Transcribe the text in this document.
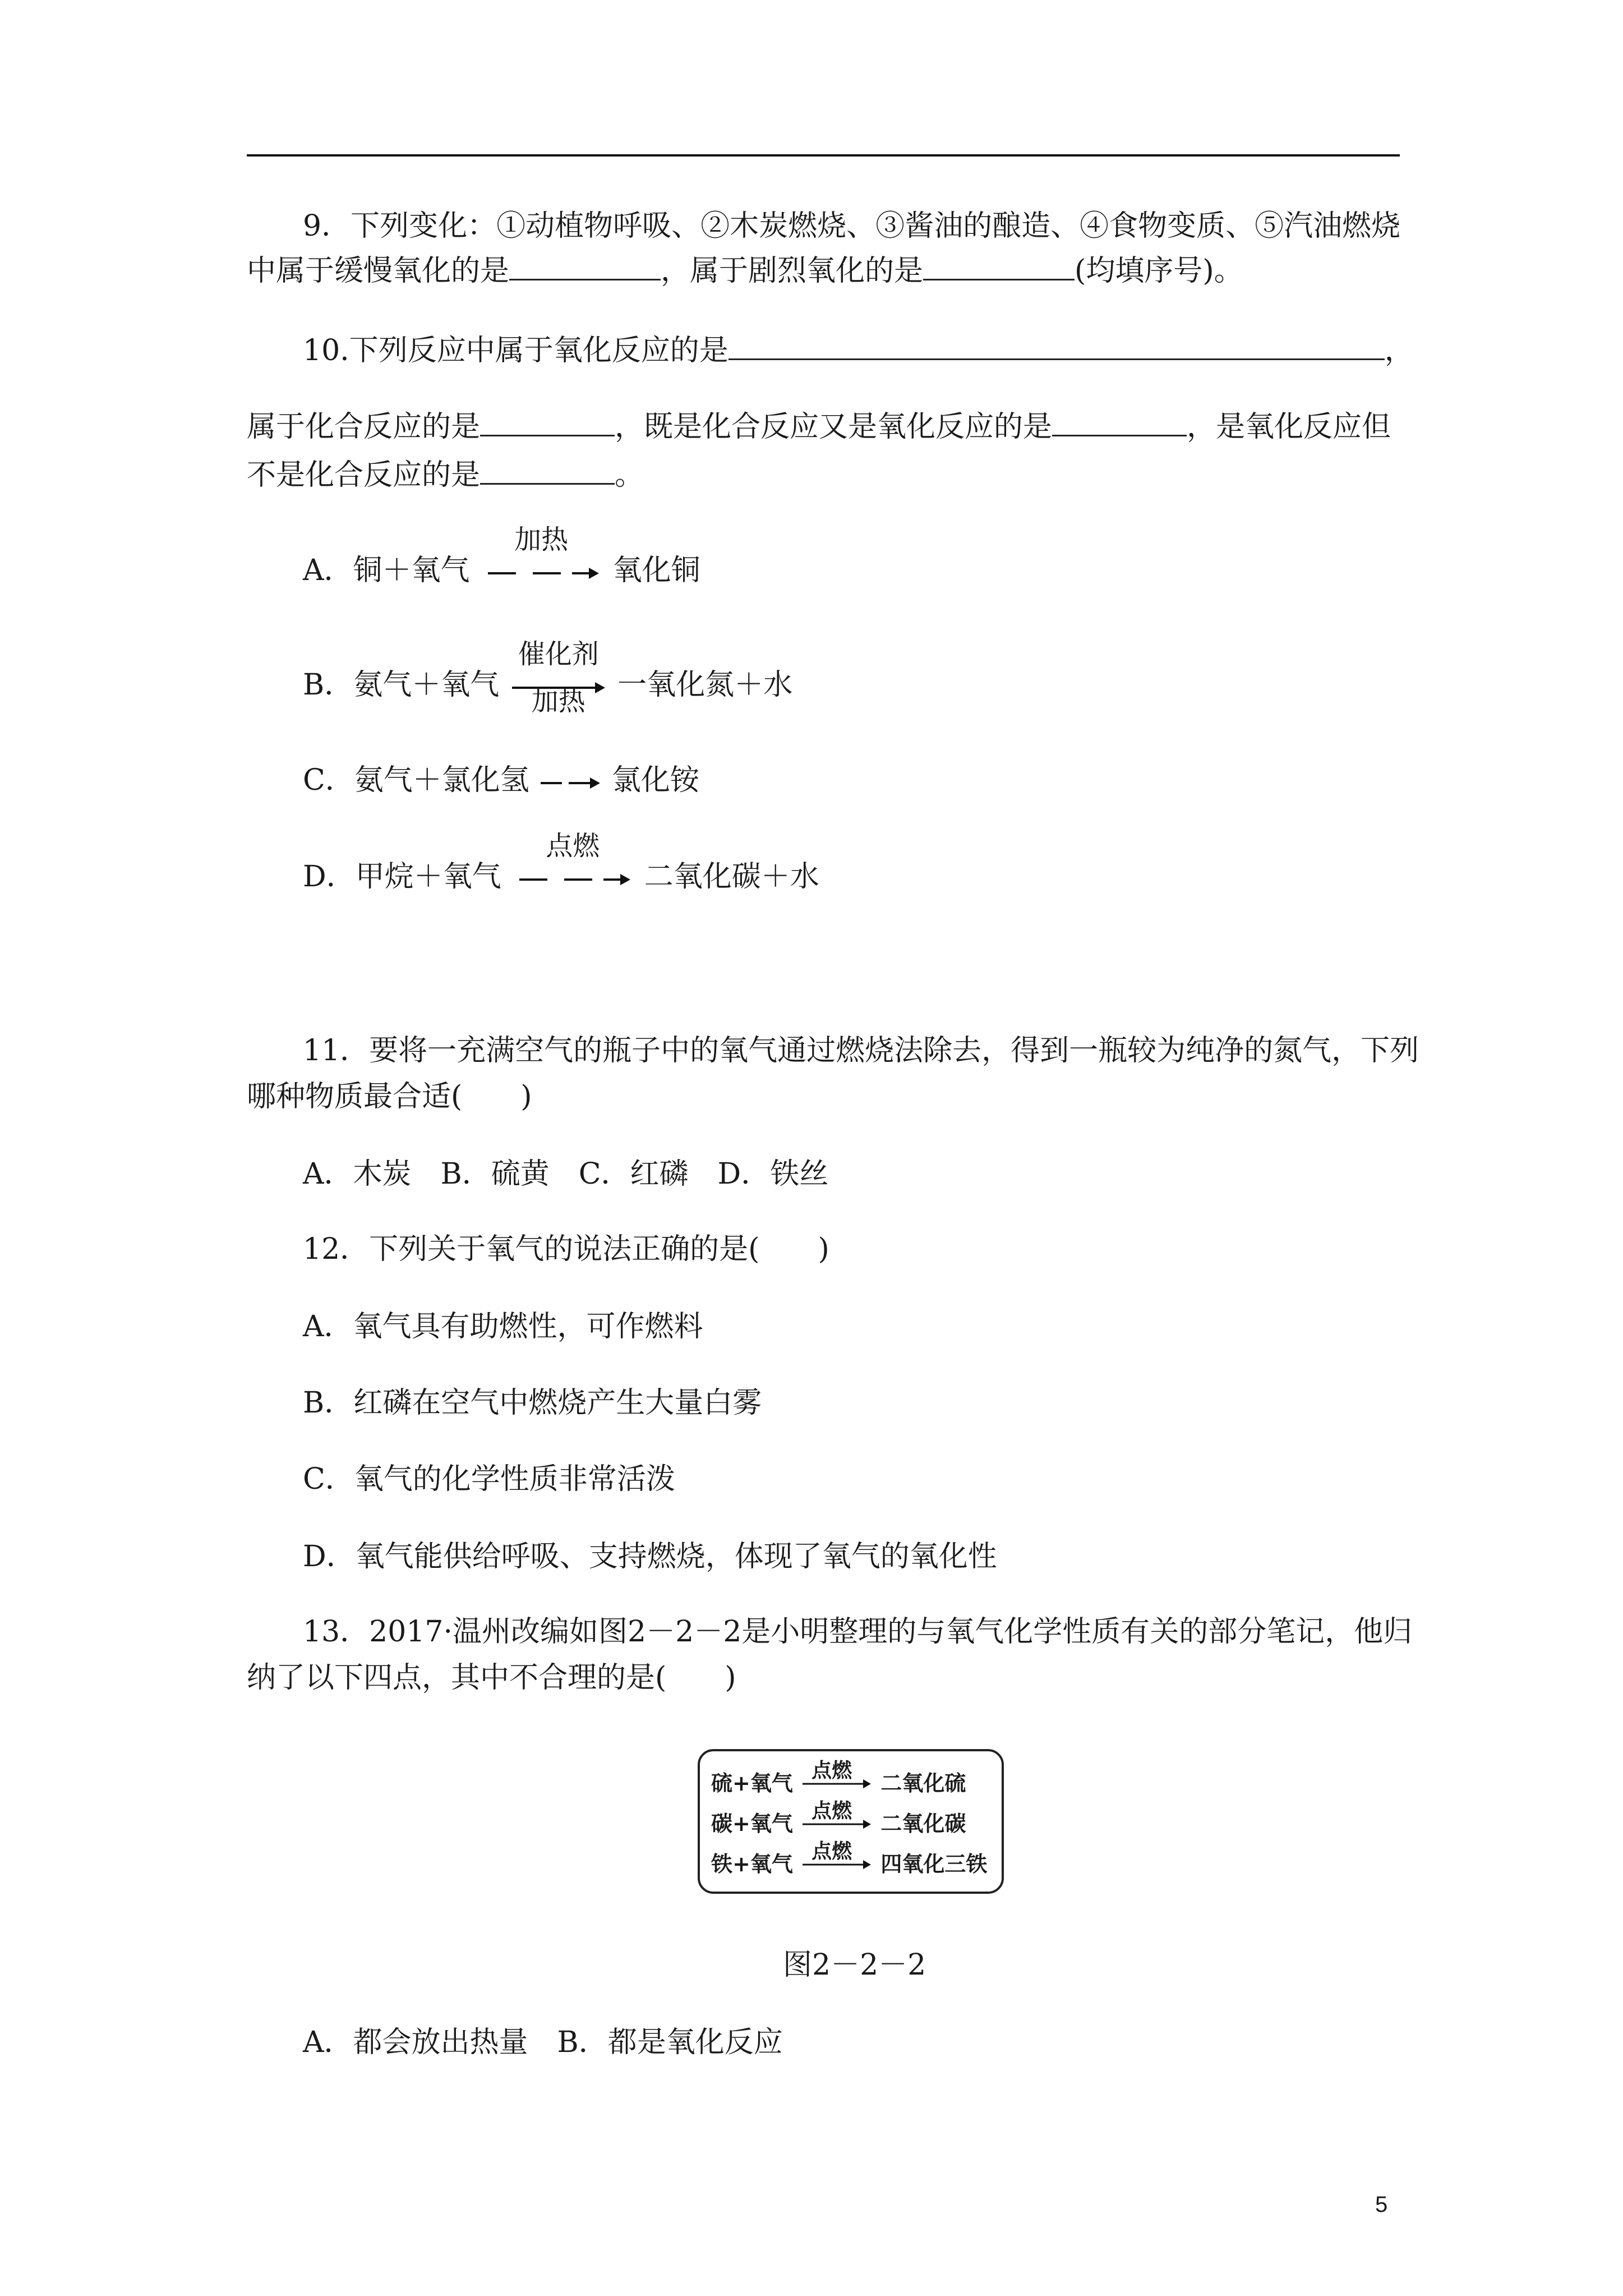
9．下列变化：①动植物呼吸、②木炭燃烧、③酱油的酿造、④食物变质、⑤汽油燃烧
中属于缓慢氧化的是	，属于剧烈氧化的是	(均填序号)。
10.下列反应中属于氧化反应的是	，
属于化合反应的是	，既是化合反应又是氧化反应的是	，是氧化反应但
不是化合反应的是	。
A．铜＋氧气
加热
氧化铜
B．氨气＋氧气
催化剂
加热	一氧化氮＋水
C．氨气＋氯化氢	氯化铵
D．甲烷＋氧气
点燃
二氧化碳＋水
11．要将一充满空气的瓶子中的氧气通过燃烧法除去，得到一瓶较为纯净的氮气，下列
哪种物质最合适(　　)
A．木炭　B．硫黄　C．红磷　D．铁丝
12．下列关于氧气的说法正确的是(　　)
A．氧气具有助燃性，可作燃料
B．红磷在空气中燃烧产生大量白雾
C．氧气的化学性质非常活泼
D．氧气能供给呼吸、支持燃烧，体现了氧气的氧化性
13．2017·温州改编如图2－2－2是小明整理的与氧气化学性质有关的部分笔记，他归
纳了以下四点，其中不合理的是(　　)
硫+氧气
点燃
二氧化硫
碳+氧气
点燃
二氧化碳
铁+氧气
点燃
四氧化三铁
图2－2－2
A．都会放出热量　B．都是氧化反应
5
